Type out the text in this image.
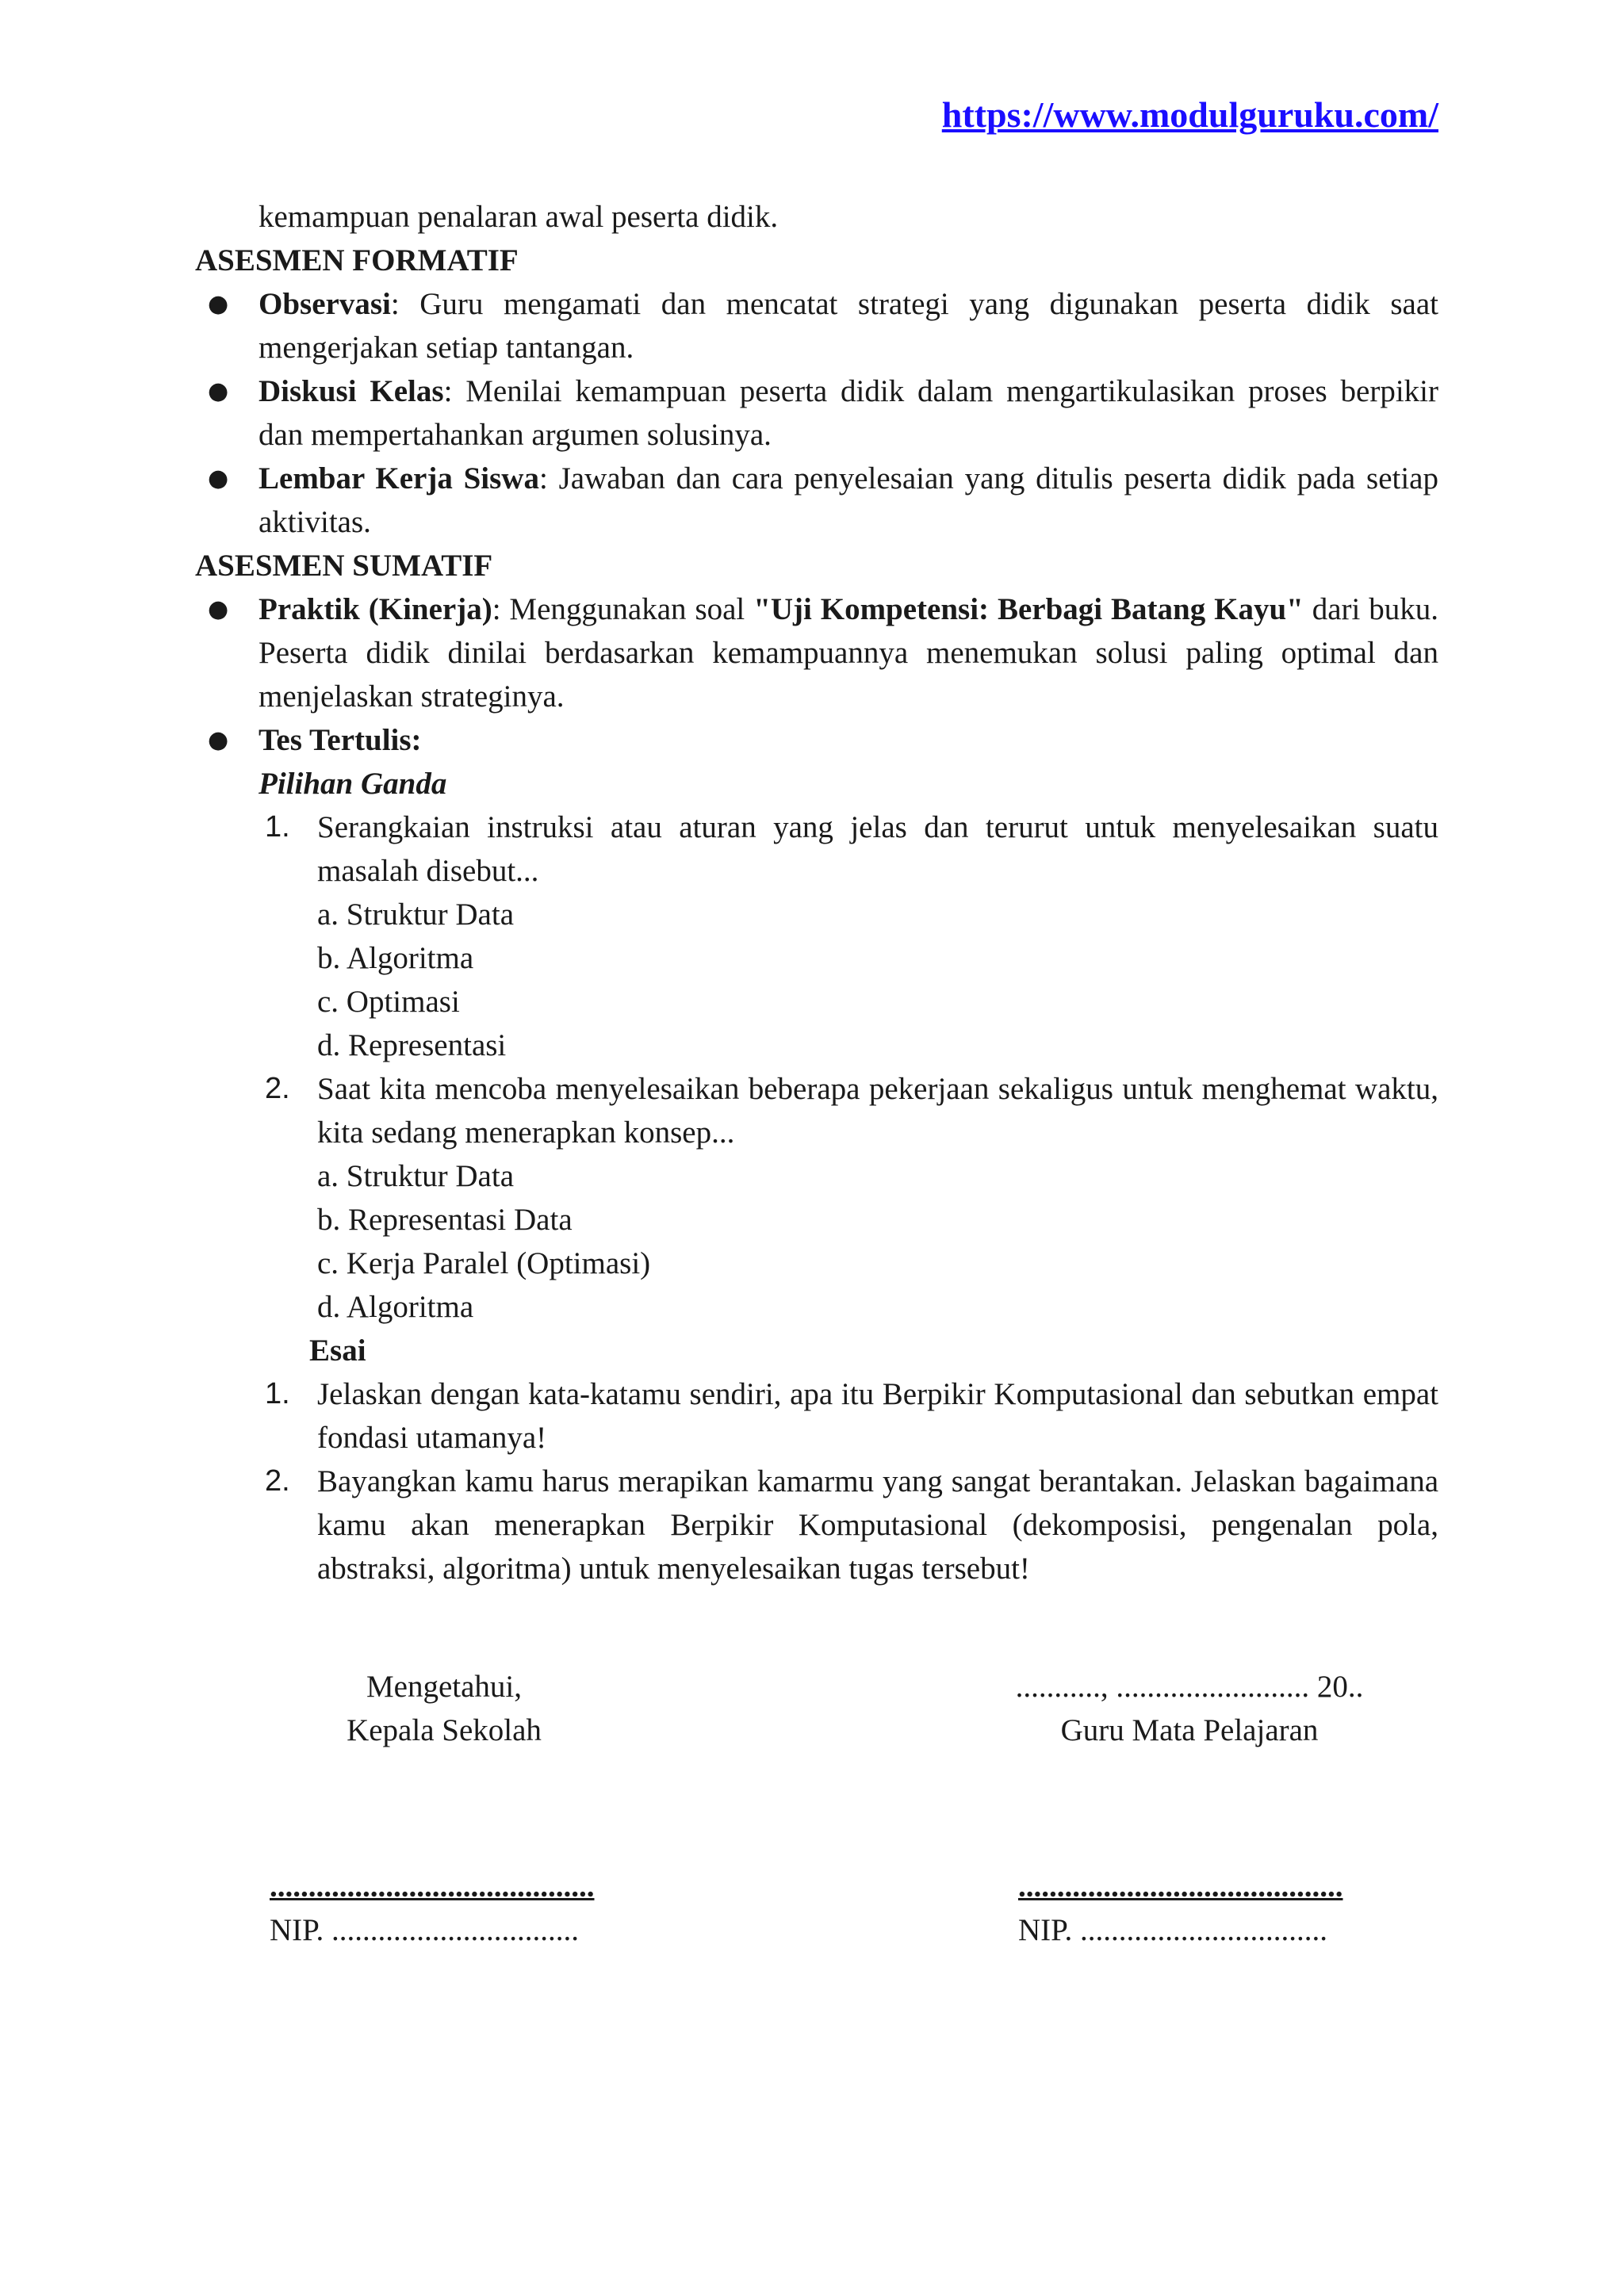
https://www.modulguruku.com/

kemampuan penalaran awal peserta didik.

ASESMEN FORMATIF

● Observasi: Guru mengamati dan mencatat strategi yang digunakan peserta didik saat mengerjakan setiap tantangan.
● Diskusi Kelas: Menilai kemampuan peserta didik dalam mengartikulasikan proses berpikir dan mempertahankan argumen solusinya.
● Lembar Kerja Siswa: Jawaban dan cara penyelesaian yang ditulis peserta didik pada setiap aktivitas.

ASESMEN SUMATIF

● Praktik (Kinerja): Menggunakan soal "Uji Kompetensi: Berbagi Batang Kayu" dari buku. Peserta didik dinilai berdasarkan kemampuannya menemukan solusi paling optimal dan menjelaskan strateginya.
● Tes Tertulis:

Pilihan Ganda

1. Serangkaian instruksi atau aturan yang jelas dan terurut untuk menyelesaikan suatu masalah disebut...

a. Struktur Data

b. Algoritma

c. Optimasi

d. Representasi

2. Saat kita mencoba menyelesaikan beberapa pekerjaan sekaligus untuk menghemat waktu, kita sedang menerapkan konsep...

a. Struktur Data

b. Representasi Data

c. Kerja Paralel (Optimasi)

d. Algoritma

Esai

1. Jelaskan dengan kata-katamu sendiri, apa itu Berpikir Komputasional dan sebutkan empat fondasi utamanya!
2. Bayangkan kamu harus merapikan kamarmu yang sangat berantakan. Jelaskan bagaimana kamu akan menerapkan Berpikir Komputasional (dekomposisi, pengenalan pola, abstraksi, algoritma) untuk menyelesaikan tugas tersebut!
Mengetahui,
Kepala Sekolah
..........., ......................... 20..
Guru Mata Pelajaran
..........................................
NIP. ................................
..........................................
NIP. ................................
